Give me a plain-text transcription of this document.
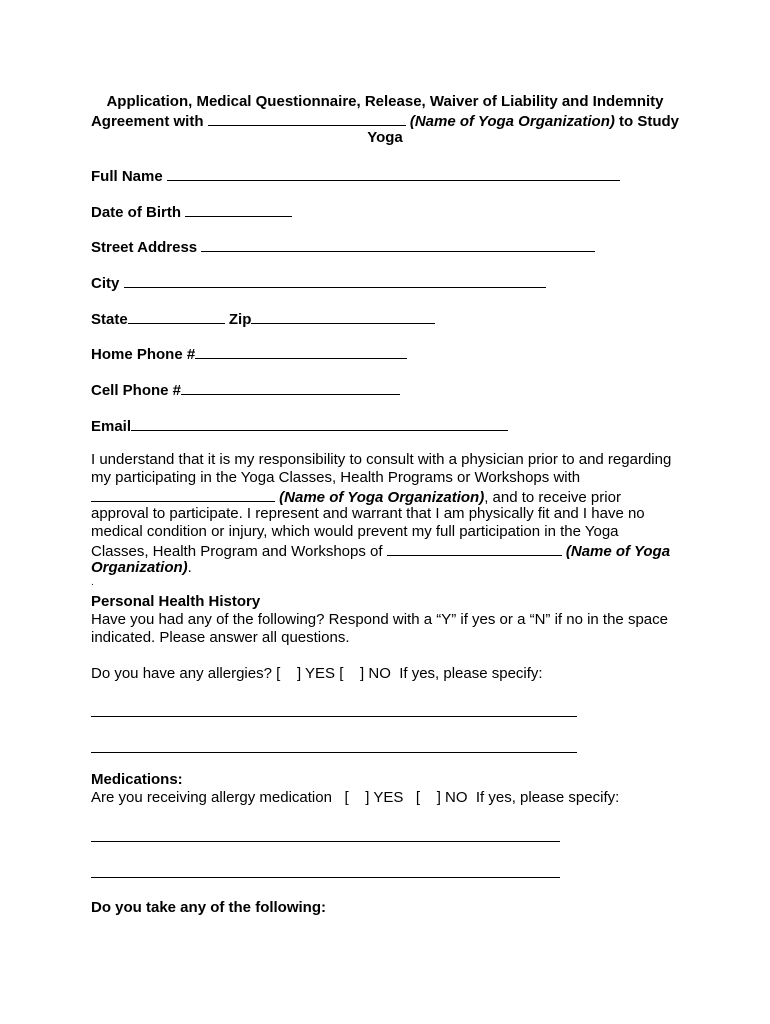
Application, Medical Questionnaire, Release, Waiver of Liability and Indemnity
Agreement with	(Name of Yoga Organization) to Study
Yoga
Full Name
Date of Birth
Street Address
City
State	Zip
Home Phone #
Cell Phone #
Email
I understand that it is my responsibility to consult with a physician prior to and regarding
my participating in the Yoga Classes, Health Programs or Workshops with
(Name of Yoga Organization), and to receive prior
approval to participate. I represent and warrant that I am physically fit and I have no
medical condition or injury, which would prevent my full participation in the Yoga
Classes, Health Program and Workshops of	(Name of Yoga
Organization).
.
Personal Health History
Have you had any of the following? Respond with a “Y” if yes or a “N” if no in the space
indicated. Please answer all questions.
Do you have any allergies? [    ] YES [    ] NO  If yes, please specify:
Medications:
Are you receiving allergy medication   [    ] YES   [    ] NO  If yes, please specify:
Do you take any of the following:
